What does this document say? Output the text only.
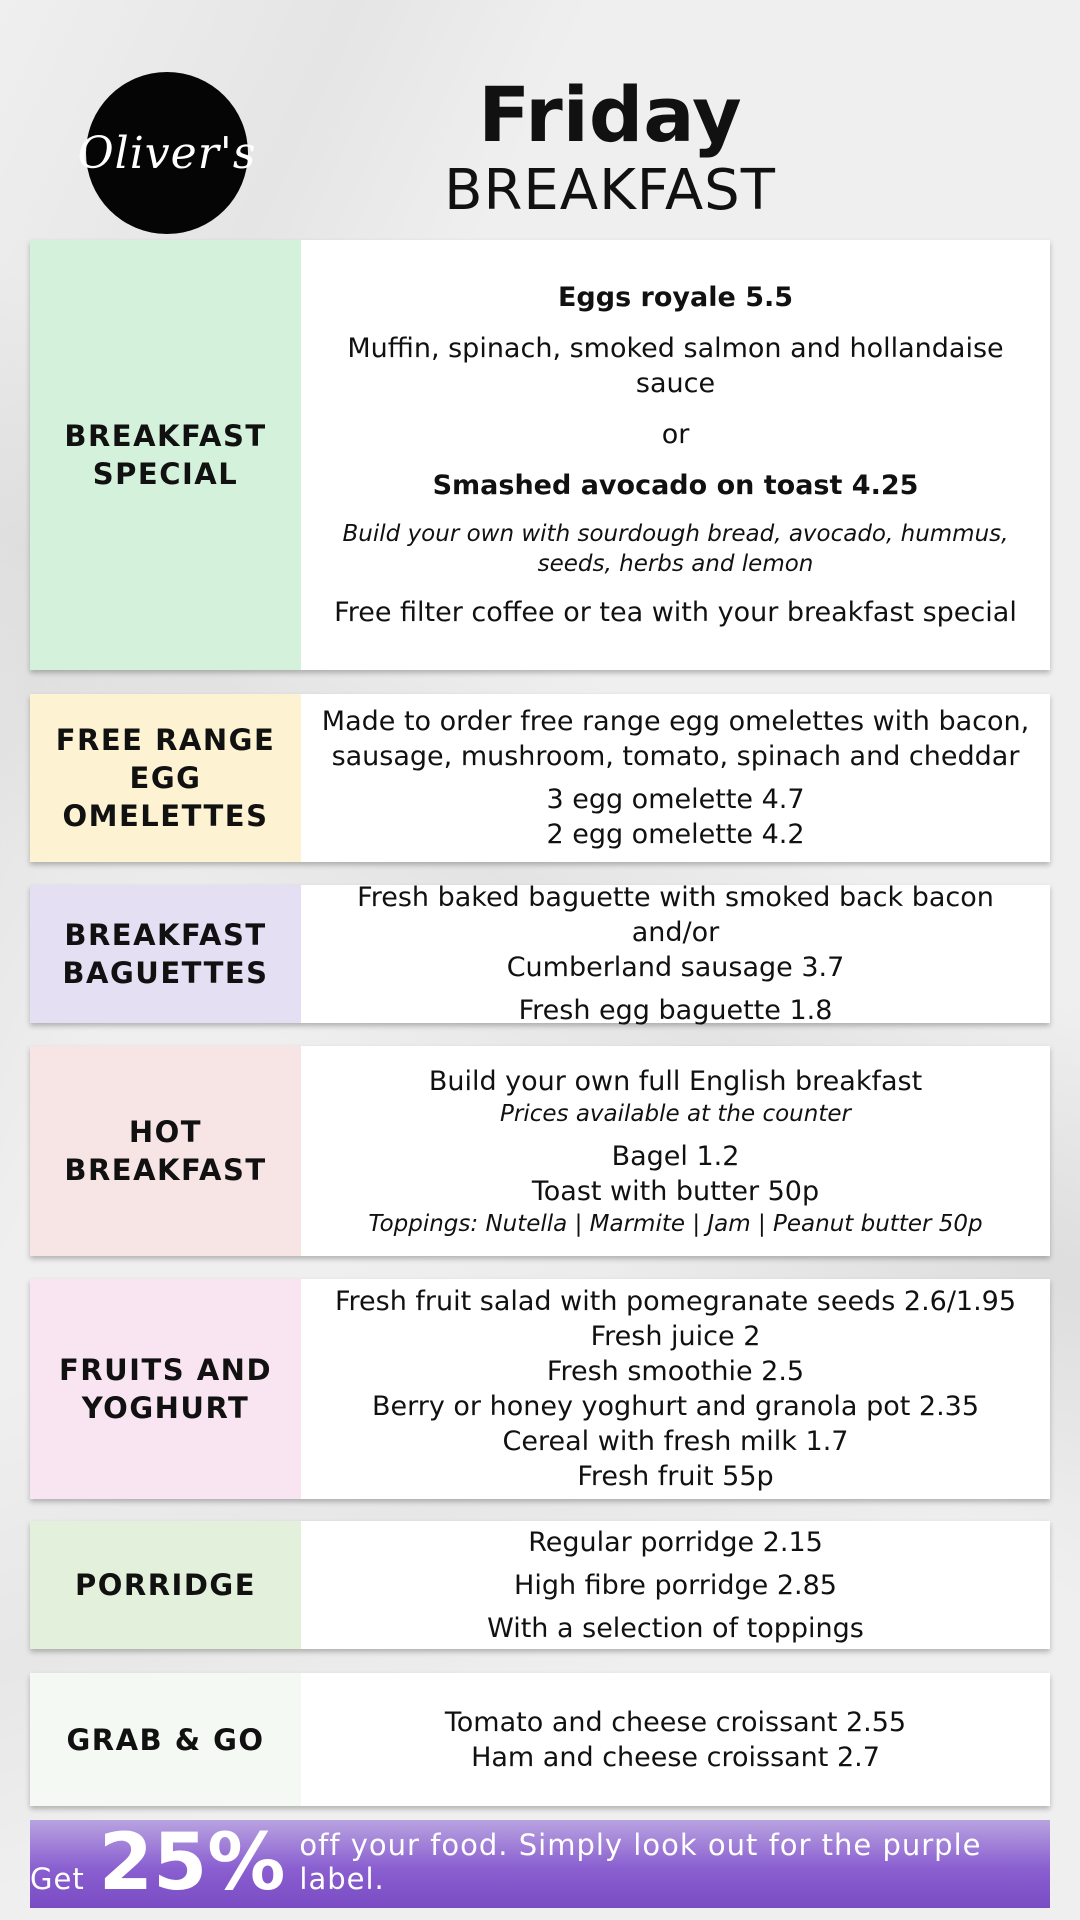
Oliver's	Friday
BREAKFAST
BREAKFAST
SPECIAL
Eggs royale 5.5
Muffin, spinach, smoked salmon and hollandaise sauce
or
Smashed avocado on toast 4.25
Build your own with sourdough bread, avocado, hummus,
seeds, herbs and lemon
Free filter coffee or tea with your breakfast special
FREE RANGE
EGG
OMELETTES
Made to order free range egg omelettes with bacon,
sausage, mushroom, tomato, spinach and cheddar
3 egg omelette 4.7
2 egg omelette 4.2
BREAKFAST
BAGUETTES
Fresh baked baguette with smoked back bacon and/or
Cumberland sausage 3.7
Fresh egg baguette 1.8
HOT
BREAKFAST
Build your own full English breakfast
Prices available at the counter
Bagel 1.2
Toast with butter 50p
Toppings: Nutella | Marmite | Jam | Peanut butter 50p
FRUITS AND
YOGHURT
Fresh fruit salad with pomegranate seeds 2.6/1.95
Fresh juice 2
Fresh smoothie 2.5
Berry or honey yoghurt and granola pot 2.35
Cereal with fresh milk 1.7
Fresh fruit 55p
PORRIDGE
Regular porridge 2.15
High fibre porridge 2.85
With a selection of toppings
GRAB & GO
Tomato and cheese croissant 2.55
Ham and cheese croissant 2.7
Get 25% off your food. Simply look out for the purple label.
